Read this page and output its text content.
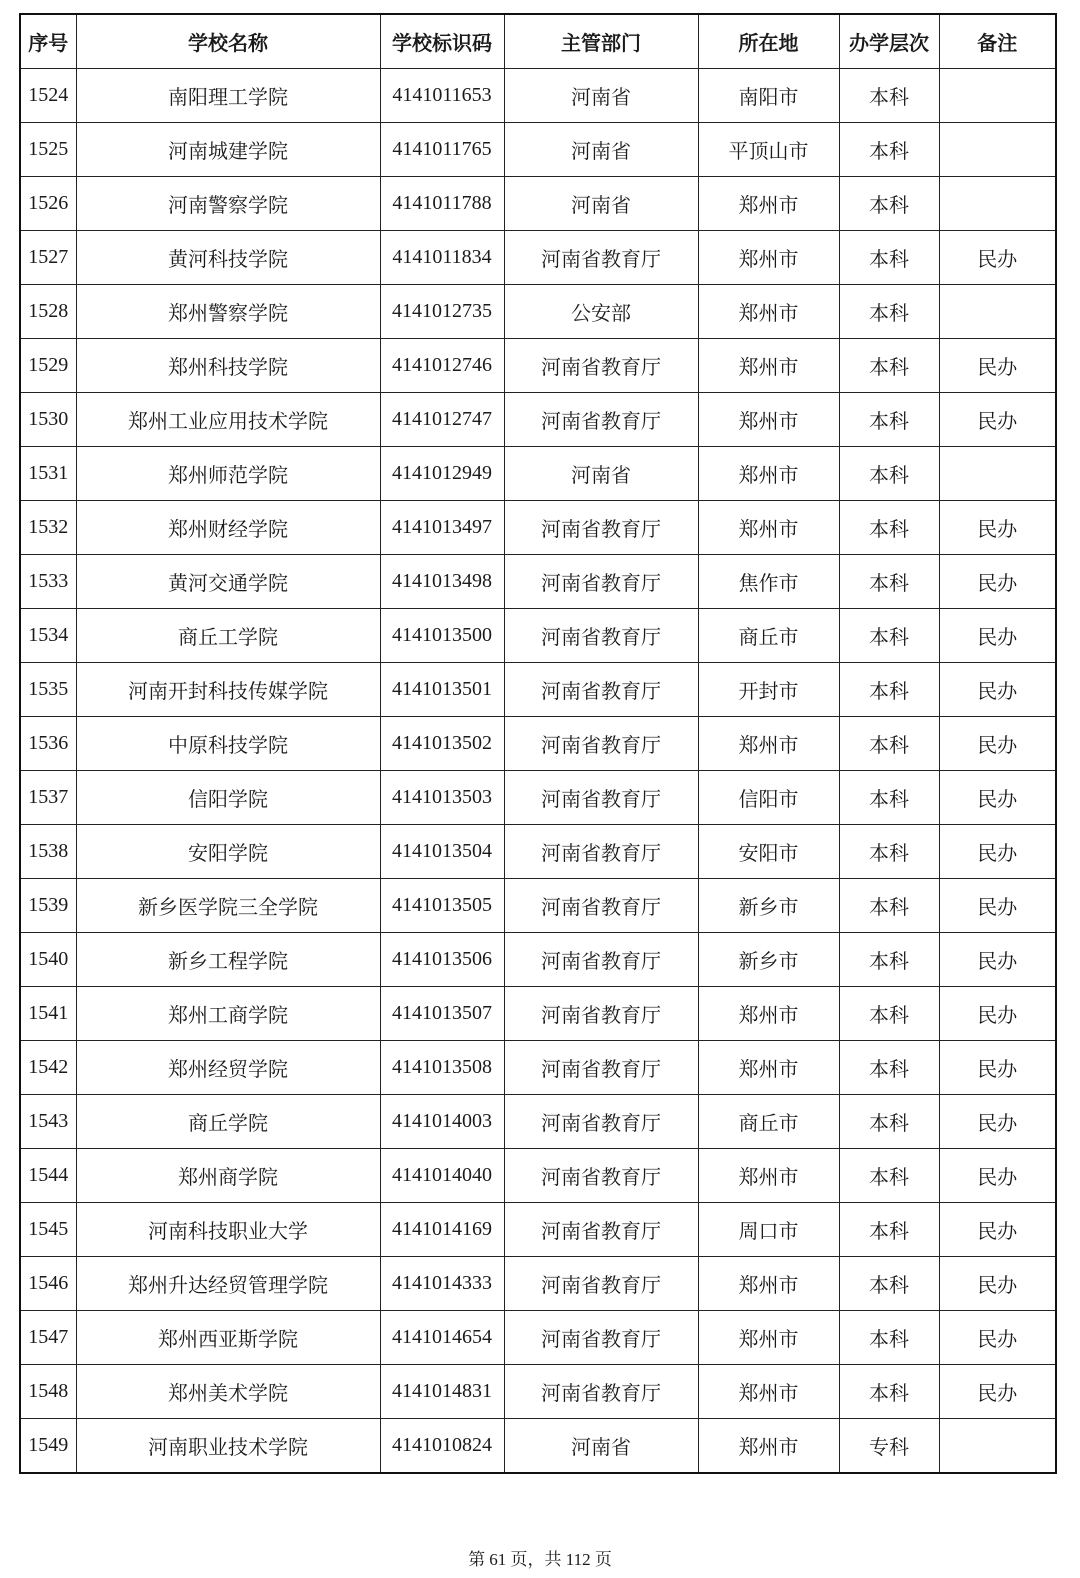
序号	学校名称	学校标识码	主管部门	所在地	办学层次	备注
1524	南阳理工学院	4141011653	河南省	南阳市	本科	
1525	河南城建学院	4141011765	河南省	平顶山市	本科	
1526	河南警察学院	4141011788	河南省	郑州市	本科	
1527	黄河科技学院	4141011834	河南省教育厅	郑州市	本科	民办
1528	郑州警察学院	4141012735	公安部	郑州市	本科	
1529	郑州科技学院	4141012746	河南省教育厅	郑州市	本科	民办
1530	郑州工业应用技术学院	4141012747	河南省教育厅	郑州市	本科	民办
1531	郑州师范学院	4141012949	河南省	郑州市	本科	
1532	郑州财经学院	4141013497	河南省教育厅	郑州市	本科	民办
1533	黄河交通学院	4141013498	河南省教育厅	焦作市	本科	民办
1534	商丘工学院	4141013500	河南省教育厅	商丘市	本科	民办
1535	河南开封科技传媒学院	4141013501	河南省教育厅	开封市	本科	民办
1536	中原科技学院	4141013502	河南省教育厅	郑州市	本科	民办
1537	信阳学院	4141013503	河南省教育厅	信阳市	本科	民办
1538	安阳学院	4141013504	河南省教育厅	安阳市	本科	民办
1539	新乡医学院三全学院	4141013505	河南省教育厅	新乡市	本科	民办
1540	新乡工程学院	4141013506	河南省教育厅	新乡市	本科	民办
1541	郑州工商学院	4141013507	河南省教育厅	郑州市	本科	民办
1542	郑州经贸学院	4141013508	河南省教育厅	郑州市	本科	民办
1543	商丘学院	4141014003	河南省教育厅	商丘市	本科	民办
1544	郑州商学院	4141014040	河南省教育厅	郑州市	本科	民办
1545	河南科技职业大学	4141014169	河南省教育厅	周口市	本科	民办
1546	郑州升达经贸管理学院	4141014333	河南省教育厅	郑州市	本科	民办
1547	郑州西亚斯学院	4141014654	河南省教育厅	郑州市	本科	民办
1548	郑州美术学院	4141014831	河南省教育厅	郑州市	本科	民办
1549	河南职业技术学院	4141010824	河南省	郑州市	专科	
第 61 页，共 112 页
